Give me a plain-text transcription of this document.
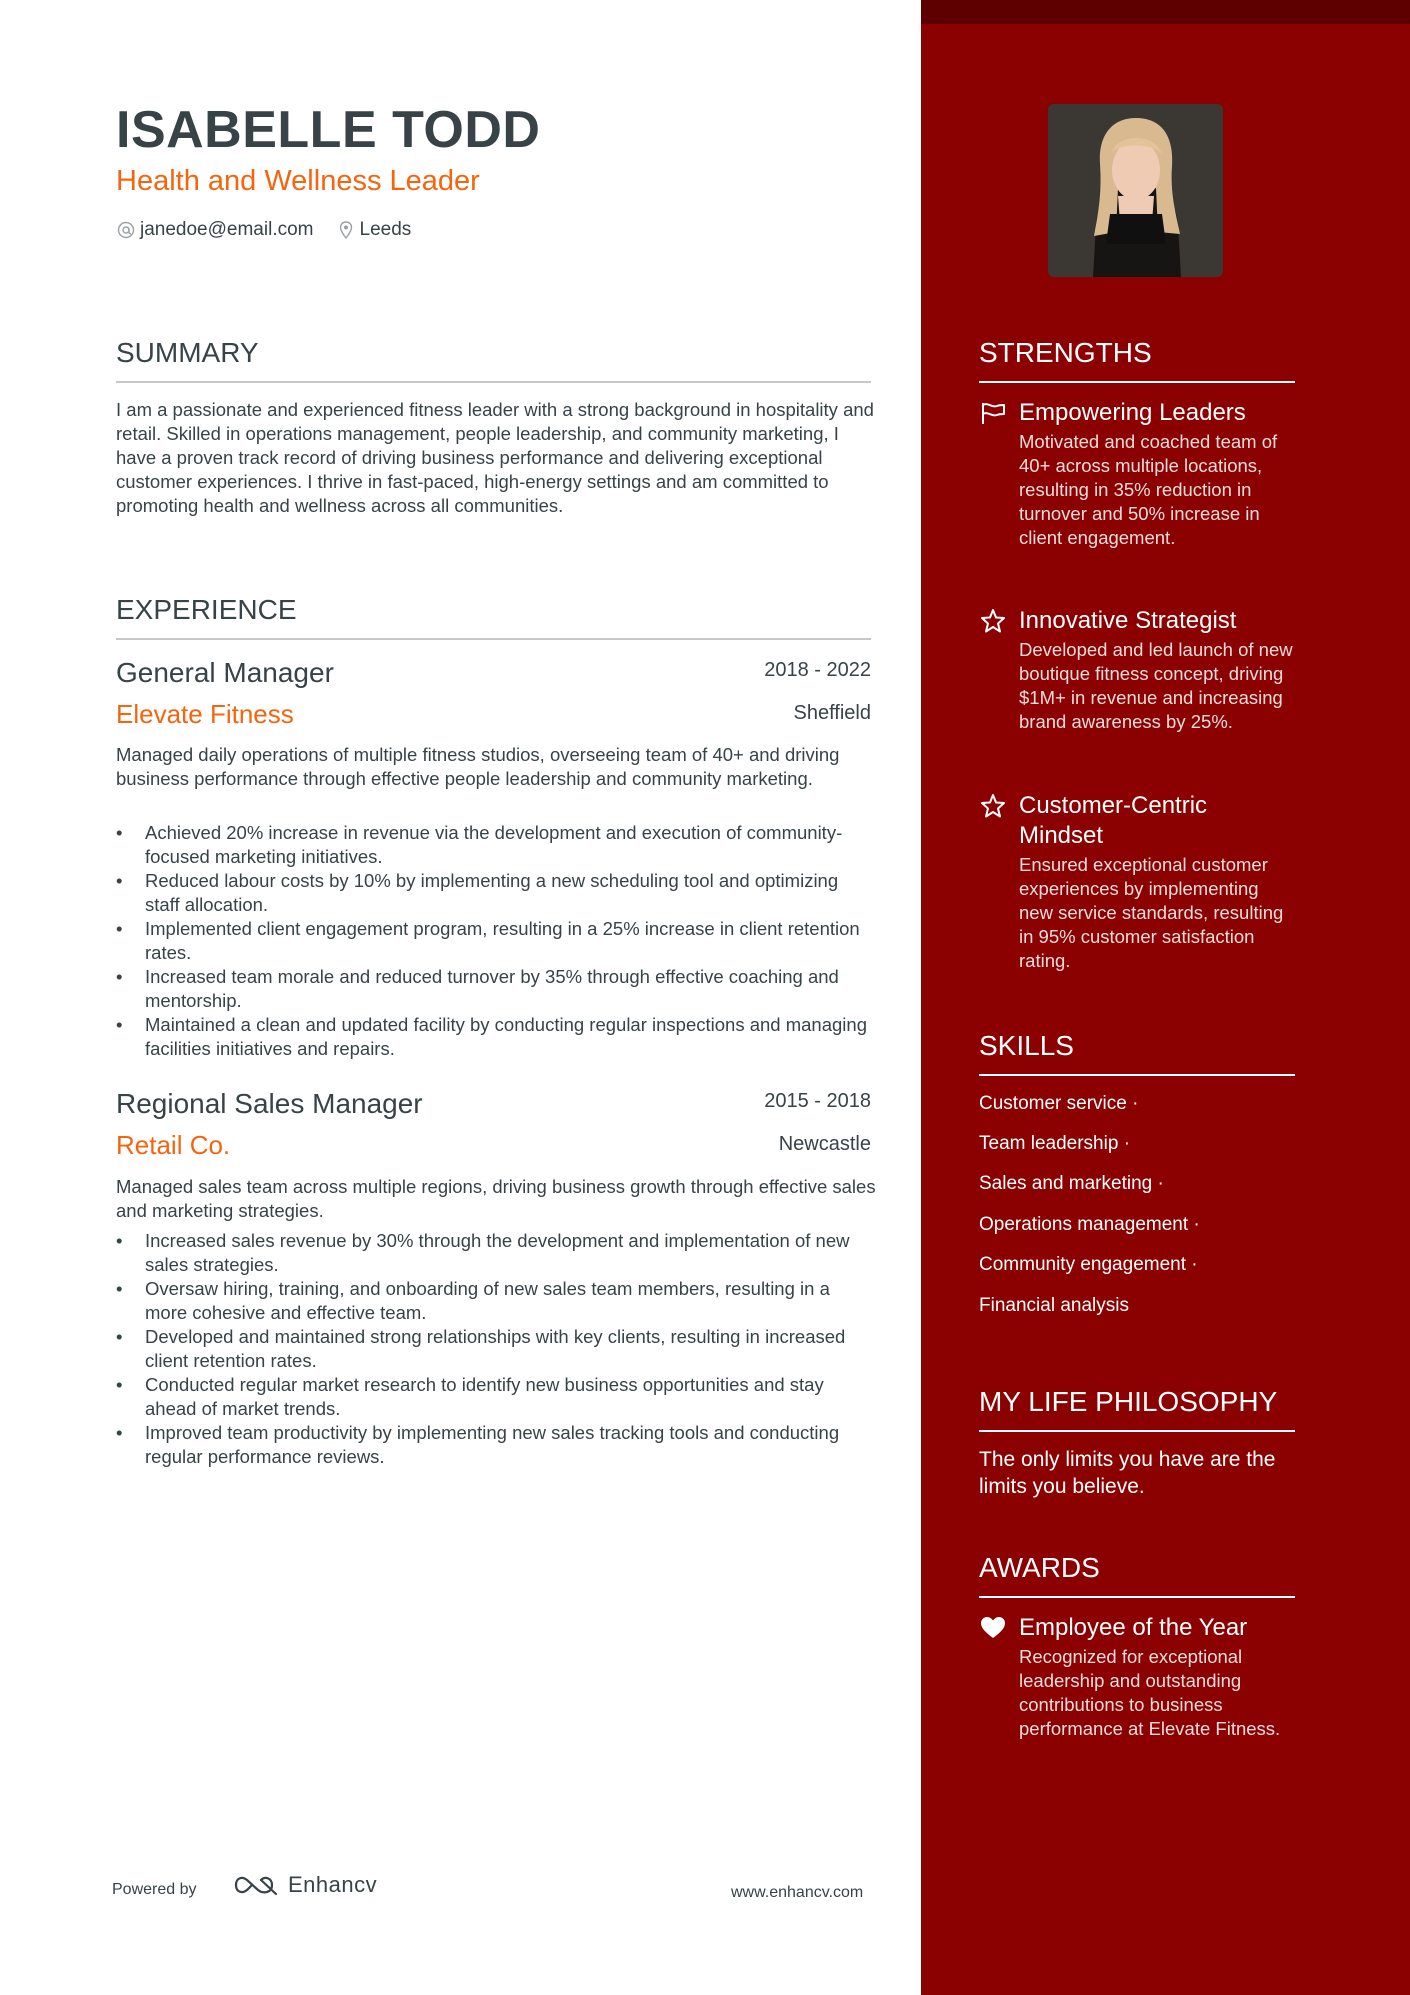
ISABELLE TODD
Health and Wellness Leader
janedoe@email.com Leeds
SUMMARY
I am a passionate and experienced fitness leader with a strong background in hospitality and retail. Skilled in operations management, people leadership, and community marketing, I have a proven track record of driving business performance and delivering exceptional customer experiences. I thrive in fast-paced, high-energy settings and am committed to promoting health and wellness across all communities.
EXPERIENCE
General Manager	2018 - 2022
Elevate Fitness	Sheffield
Managed daily operations of multiple fitness studios, overseeing team of 40+ and driving business performance through effective people leadership and community marketing.
• Achieved 20% increase in revenue via the development and execution of community-focused marketing initiatives.
• Reduced labour costs by 10% by implementing a new scheduling tool and optimizing staff allocation.
• Implemented client engagement program, resulting in a 25% increase in client retention rates.
• Increased team morale and reduced turnover by 35% through effective coaching and mentorship.
• Maintained a clean and updated facility by conducting regular inspections and managing facilities initiatives and repairs.
Regional Sales Manager	2015 - 2018
Retail Co.	Newcastle
Managed sales team across multiple regions, driving business growth through effective sales and marketing strategies.
• Increased sales revenue by 30% through the development and implementation of new sales strategies.
• Oversaw hiring, training, and onboarding of new sales team members, resulting in a more cohesive and effective team.
• Developed and maintained strong relationships with key clients, resulting in increased client retention rates.
• Conducted regular market research to identify new business opportunities and stay ahead of market trends.
• Improved team productivity by implementing new sales tracking tools and conducting regular performance reviews.
Powered by	Enhancv	www.enhancv.com
STRENGTHS
Empowering Leaders
Motivated and coached team of 40+ across multiple locations, resulting in 35% reduction in turnover and 50% increase in client engagement.
Innovative Strategist
Developed and led launch of new boutique fitness concept, driving $1M+ in revenue and increasing brand awareness by 25%.
Customer-Centric Mindset
Ensured exceptional customer experiences by implementing new service standards, resulting in 95% customer satisfaction rating.
SKILLS
Customer service ·
Team leadership ·
Sales and marketing ·
Operations management ·
Community engagement ·
Financial analysis
MY LIFE PHILOSOPHY
The only limits you have are the limits you believe.
AWARDS
Employee of the Year
Recognized for exceptional leadership and outstanding contributions to business performance at Elevate Fitness.
